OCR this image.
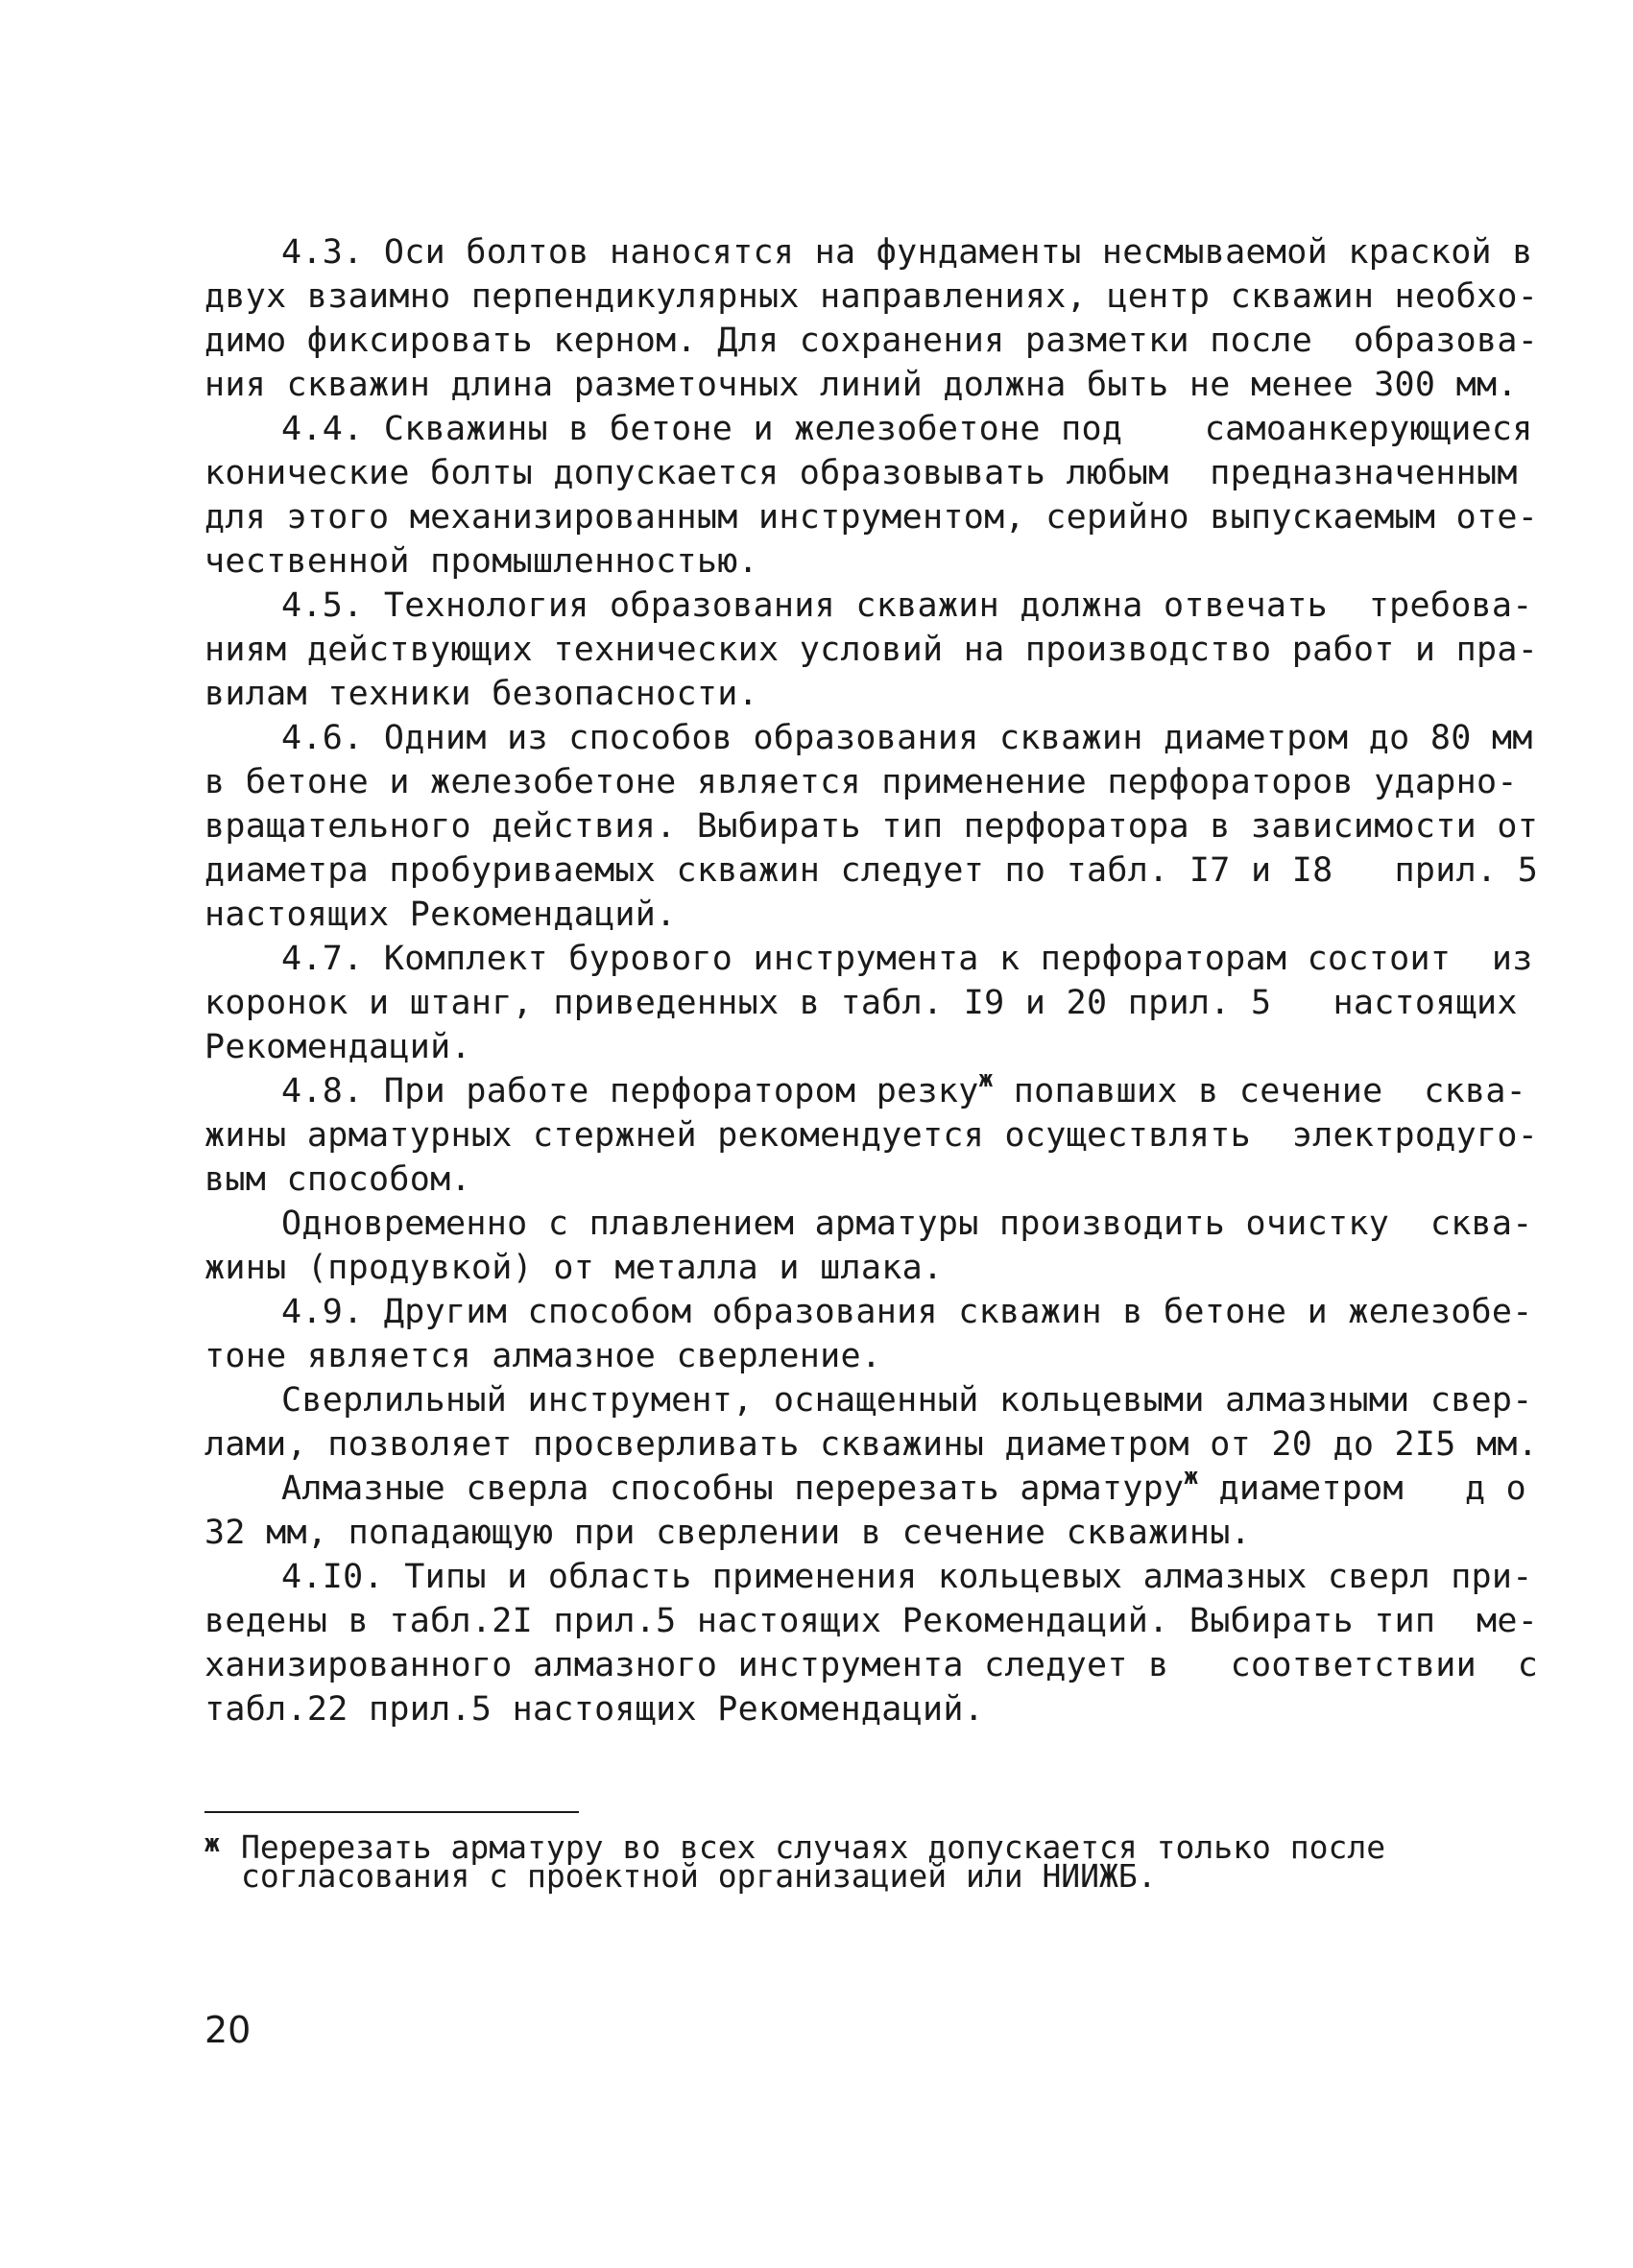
4.3. Оси болтов наносятся на фундаменты несмываемой краской в
двух взаимно перпендикулярных направлениях, центр скважин необхо-
димо фиксировать керном. Для сохранения разметки после  образова-
ния скважин длина разметочных линий должна быть не менее 300 мм.
4.4. Скважины в бетоне и железобетоне под    самоанкерующиеся
конические болты допускается образовывать любым  предназначенным
для этого механизированным инструментом, серийно выпускаемым оте-
чественной промышленностью.
4.5. Технология образования скважин должна отвечать  требова-
ниям действующих технических условий на производство работ и пра-
вилам техники безопасности.
4.6. Одним из способов образования скважин диаметром до 80 мм
в бетоне и железобетоне является применение перфораторов ударно-
вращательного действия. Выбирать тип перфоратора в зависимости от
диаметра пробуриваемых скважин следует по табл. I7 и I8   прил. 5
настоящих Рекомендаций.
4.7. Комплект бурового инструмента к перфораторам состоит  из
коронок и штанг, приведенных в табл. I9 и 20 прил. 5   настоящих
Рекомендаций.
4.8. При работе перфоратором резку$^ж$ попавших в сечение  сква-
жины арматурных стержней рекомендуется осуществлять  электродуго-
вым способом.
Одновременно с плавлением арматуры производить очистку  сква-
жины (продувкой) от металла и шлака.
4.9. Другим способом образования скважин в бетоне и железобе-
тоне является алмазное сверление.
Сверлильный инструмент, оснащенный кольцевыми алмазными свер-
лами, позволяет просверливать скважины диаметром от 20 до 2I5 мм.
Алмазные сверла способны перерезать арматуру$^ж$ диаметром   д о
32 мм, попадающую при сверлении в сечение скважины.
4.I0. Типы и область применения кольцевых алмазных сверл при-
ведены в табл.2I прил.5 настоящих Рекомендаций. Выбирать тип  ме-
ханизированного алмазного инструмента следует в   соответствии  с
табл.22 прил.5 настоящих Рекомендаций.
ж Перерезать арматуру во всех случаях допускается только после
согласования с проектной организацией или НИИЖБ.
20
